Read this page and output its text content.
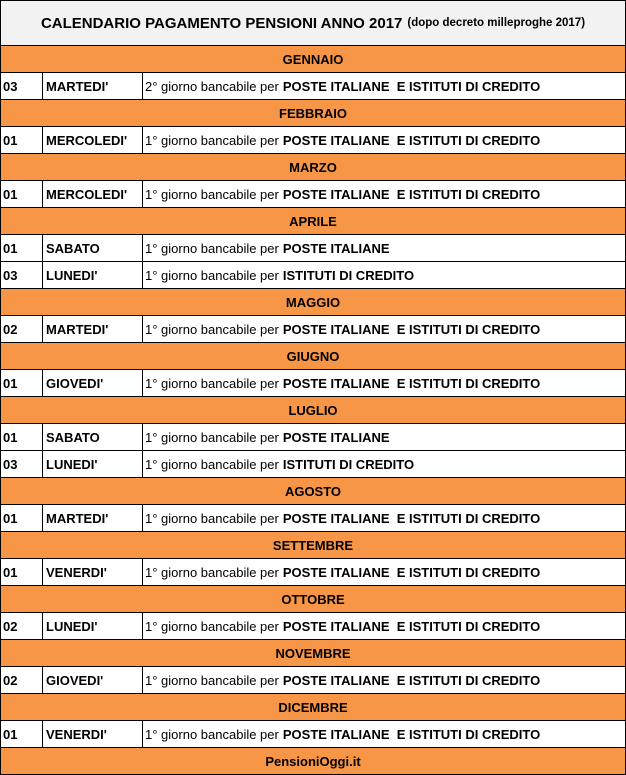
CALENDARIO PAGAMENTO PENSIONI ANNO 2017 (dopo decreto milleproghe 2017)
GENNAIO
03	MARTEDI'	2° giorno bancabile per POSTE ITALIANE  E ISTITUTI DI CREDITO
FEBBRAIO
01	MERCOLEDI'	1° giorno bancabile per POSTE ITALIANE  E ISTITUTI DI CREDITO
MARZO
01	MERCOLEDI'	1° giorno bancabile per POSTE ITALIANE  E ISTITUTI DI CREDITO
APRILE
01	SABATO	1° giorno bancabile per POSTE ITALIANE
03	LUNEDI'	1° giorno bancabile per ISTITUTI DI CREDITO
MAGGIO
02	MARTEDI'	1° giorno bancabile per POSTE ITALIANE  E ISTITUTI DI CREDITO
GIUGNO
01	GIOVEDI'	1° giorno bancabile per POSTE ITALIANE  E ISTITUTI DI CREDITO
LUGLIO
01	SABATO	1° giorno bancabile per POSTE ITALIANE
03	LUNEDI'	1° giorno bancabile per ISTITUTI DI CREDITO
AGOSTO
01	MARTEDI'	1° giorno bancabile per POSTE ITALIANE  E ISTITUTI DI CREDITO
SETTEMBRE
01	VENERDI'	1° giorno bancabile per POSTE ITALIANE  E ISTITUTI DI CREDITO
OTTOBRE
02	LUNEDI'	1° giorno bancabile per POSTE ITALIANE  E ISTITUTI DI CREDITO
NOVEMBRE
02	GIOVEDI'	1° giorno bancabile per POSTE ITALIANE  E ISTITUTI DI CREDITO
DICEMBRE
01	VENERDI'	1° giorno bancabile per POSTE ITALIANE  E ISTITUTI DI CREDITO
PensioniOggi.it
